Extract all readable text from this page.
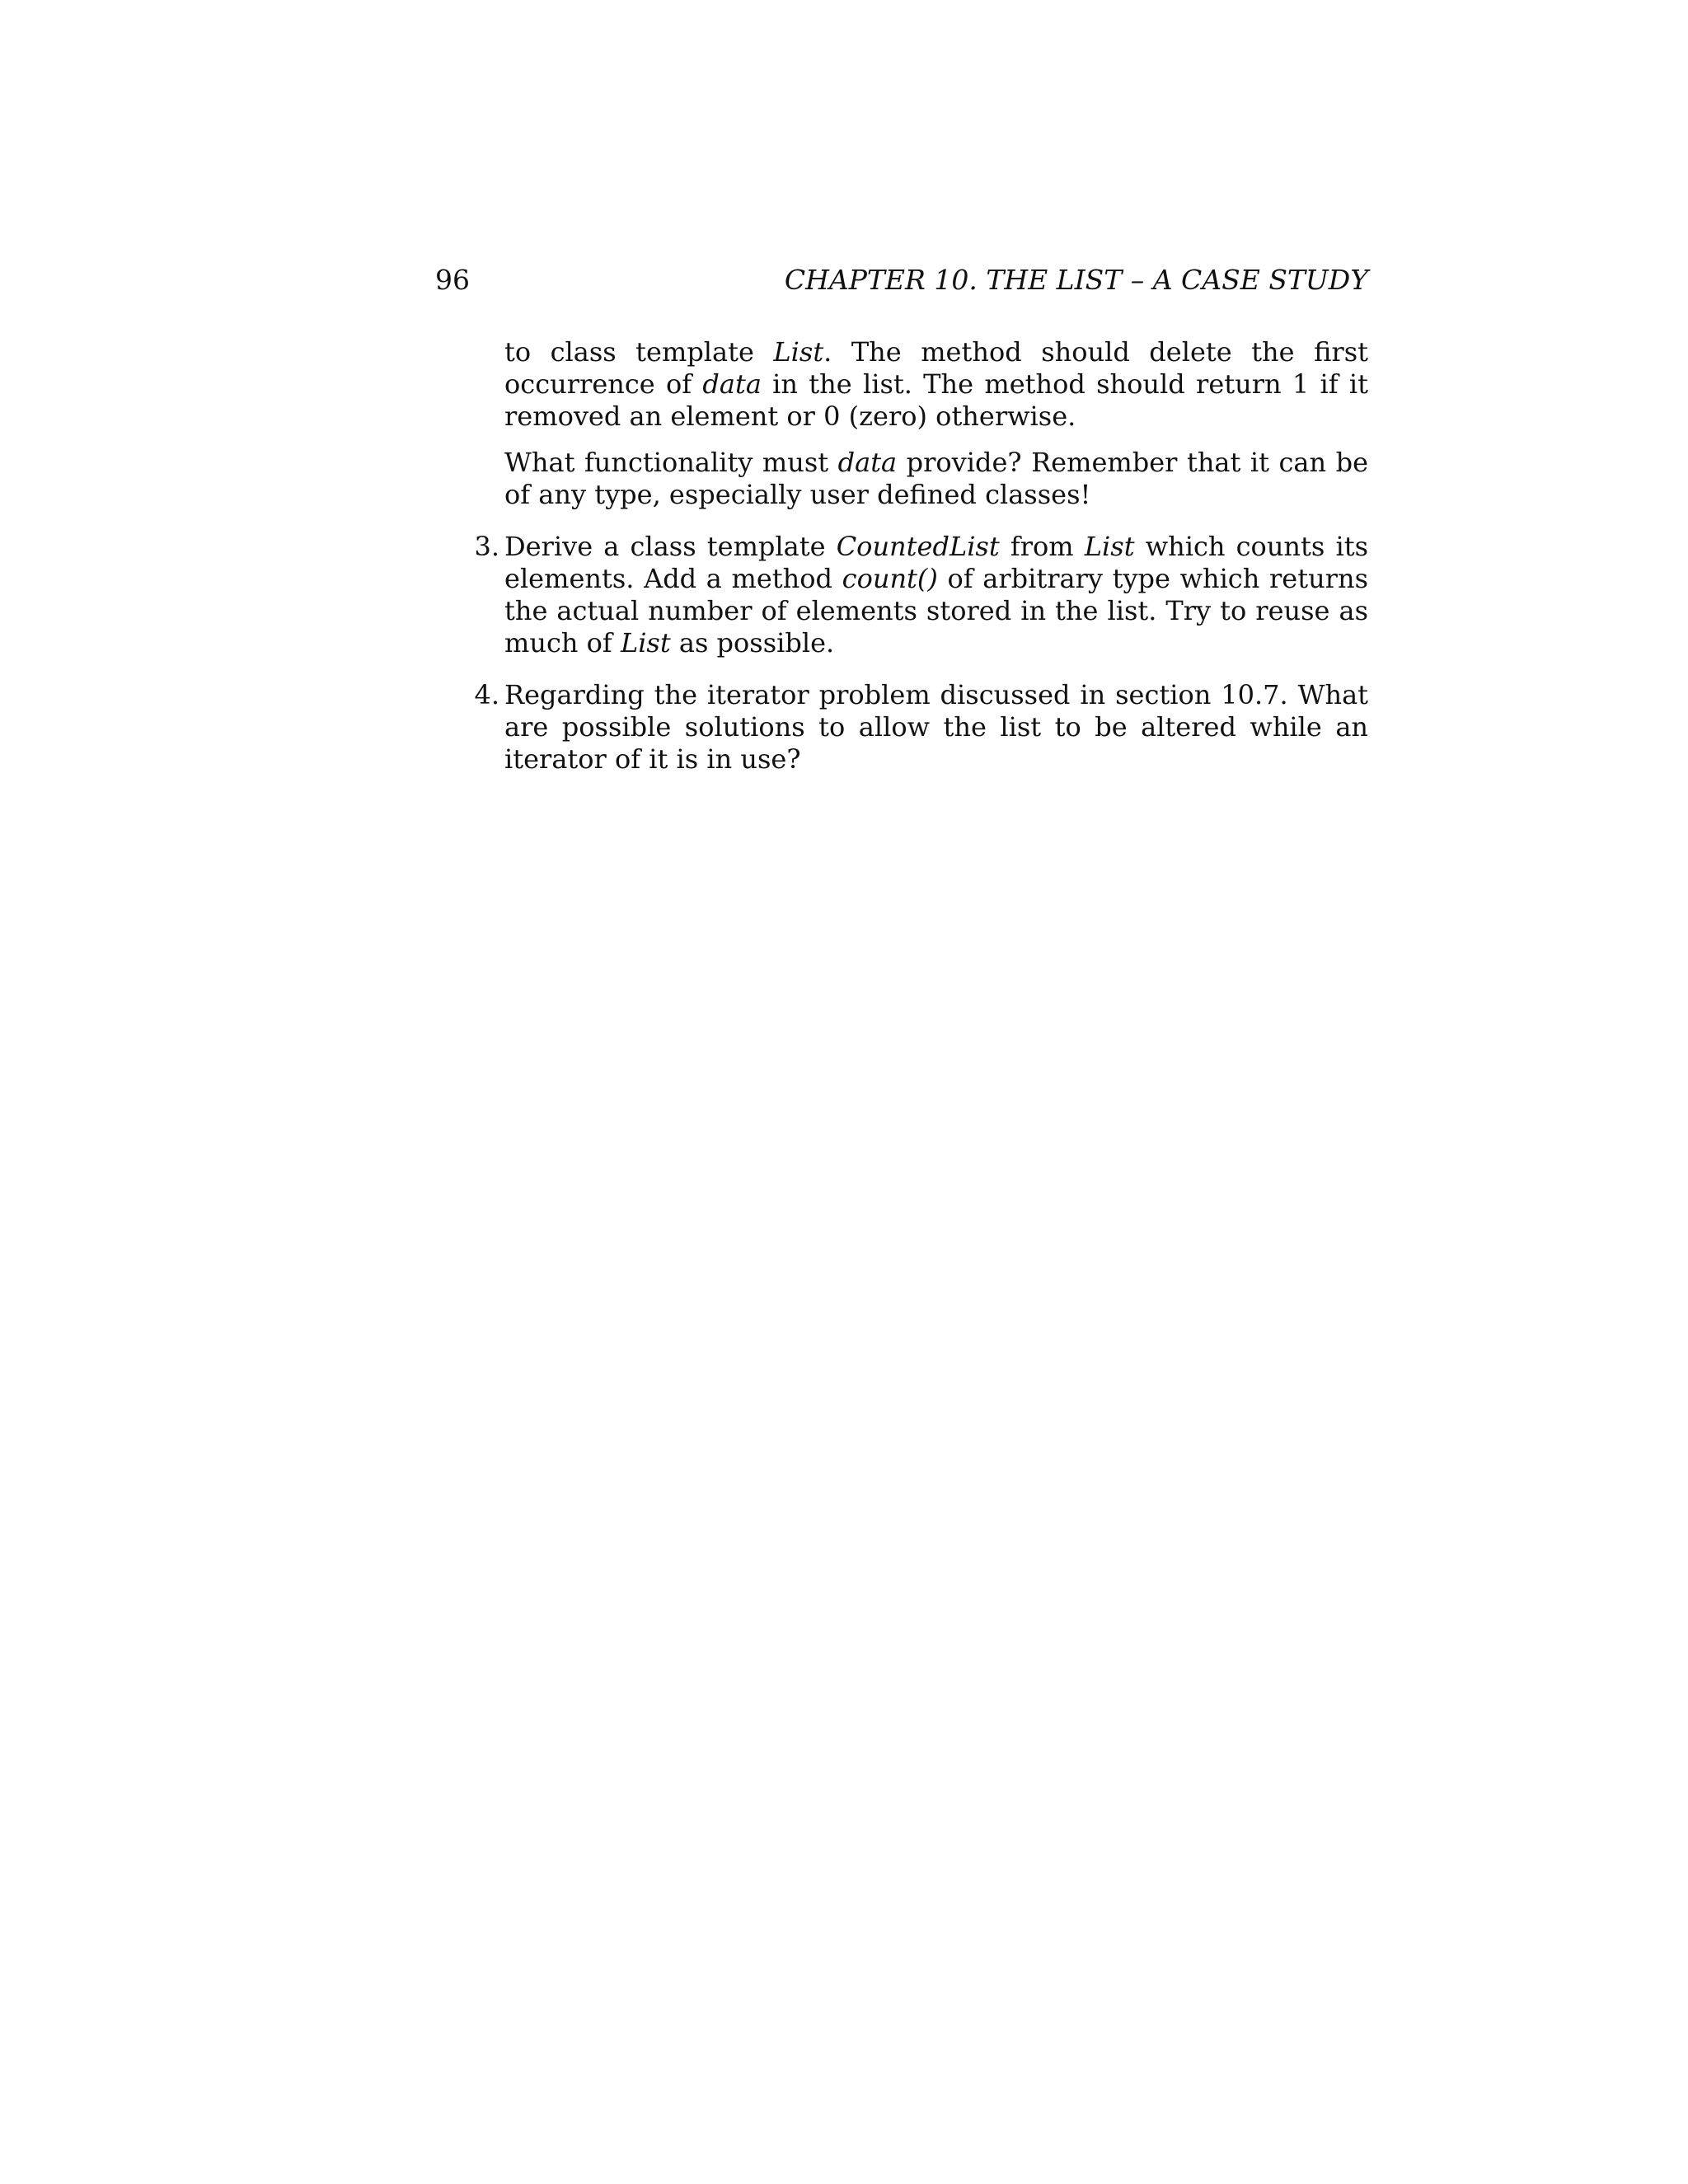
96	CHAPTER 10. THE LIST – A CASE STUDY

to class template List. The method should delete the first occurrence of data in the list. The method should return 1 if it removed an element or 0 (zero) otherwise.

What functionality must data provide? Remember that it can be of any type, especially user defined classes!

3. Derive a class template CountedList from List which counts its elements. Add a method count() of arbitrary type which returns the actual number of elements stored in the list. Try to reuse as much of List as possible.

4. Regarding the iterator problem discussed in section 10.7. What are possible solutions to allow the list to be altered while an iterator of it is in use?
